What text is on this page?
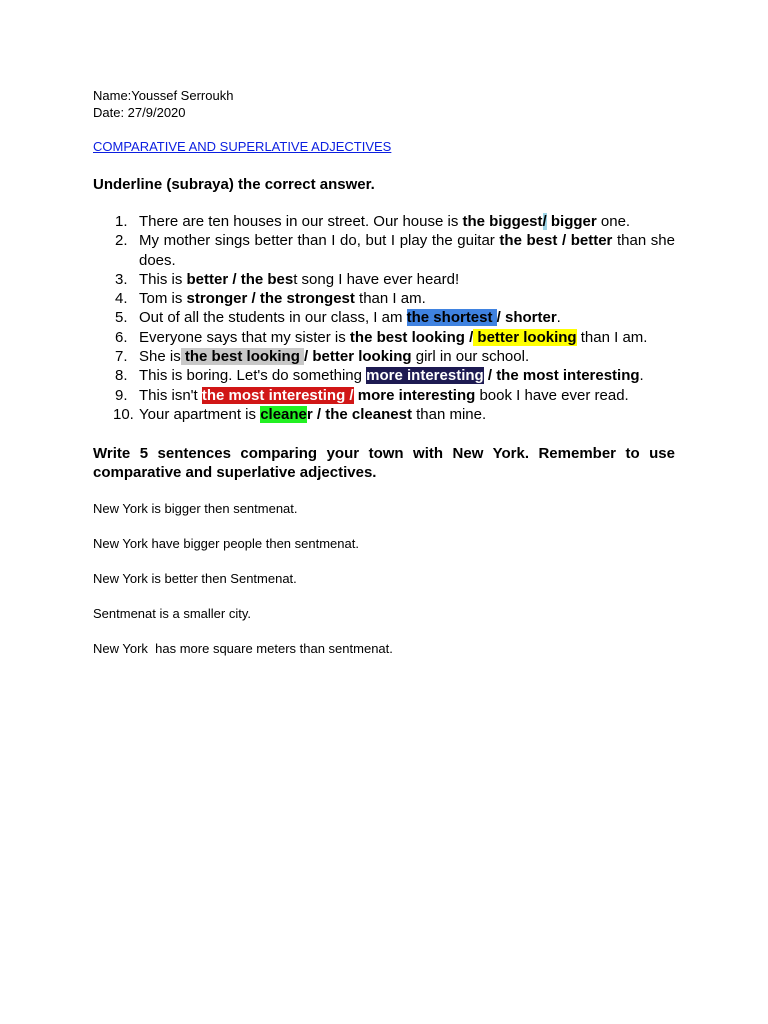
Name:Youssef Serroukh
Date: 27/9/2020
COMPARATIVE AND SUPERLATIVE ADJECTIVES
Underline (subraya) the correct answer.
1. There are ten houses in our street. Our house is the biggest/ bigger one.
2. My mother sings better than I do, but I play the guitar the best / better than she does.
3. This is better / the best song I have ever heard!
4. Tom is stronger / the strongest than I am.
5. Out of all the students in our class, I am the shortest / shorter.
6. Everyone says that my sister is the best looking / better looking than I am.
7. She is the best looking / better looking girl in our school.
8. This is boring. Let's do something more interesting / the most interesting.
9. This isn't the most interesting / more interesting book I have ever read.
10. Your apartment is cleaner / the cleanest than mine.
Write 5 sentences comparing your town with New York. Remember to use comparative and superlative adjectives.
New York is bigger then sentmenat.
New York have bigger people then sentmenat.
New York is better then Sentmenat.
Sentmenat is a smaller city.
New York  has more square meters than sentmenat.
